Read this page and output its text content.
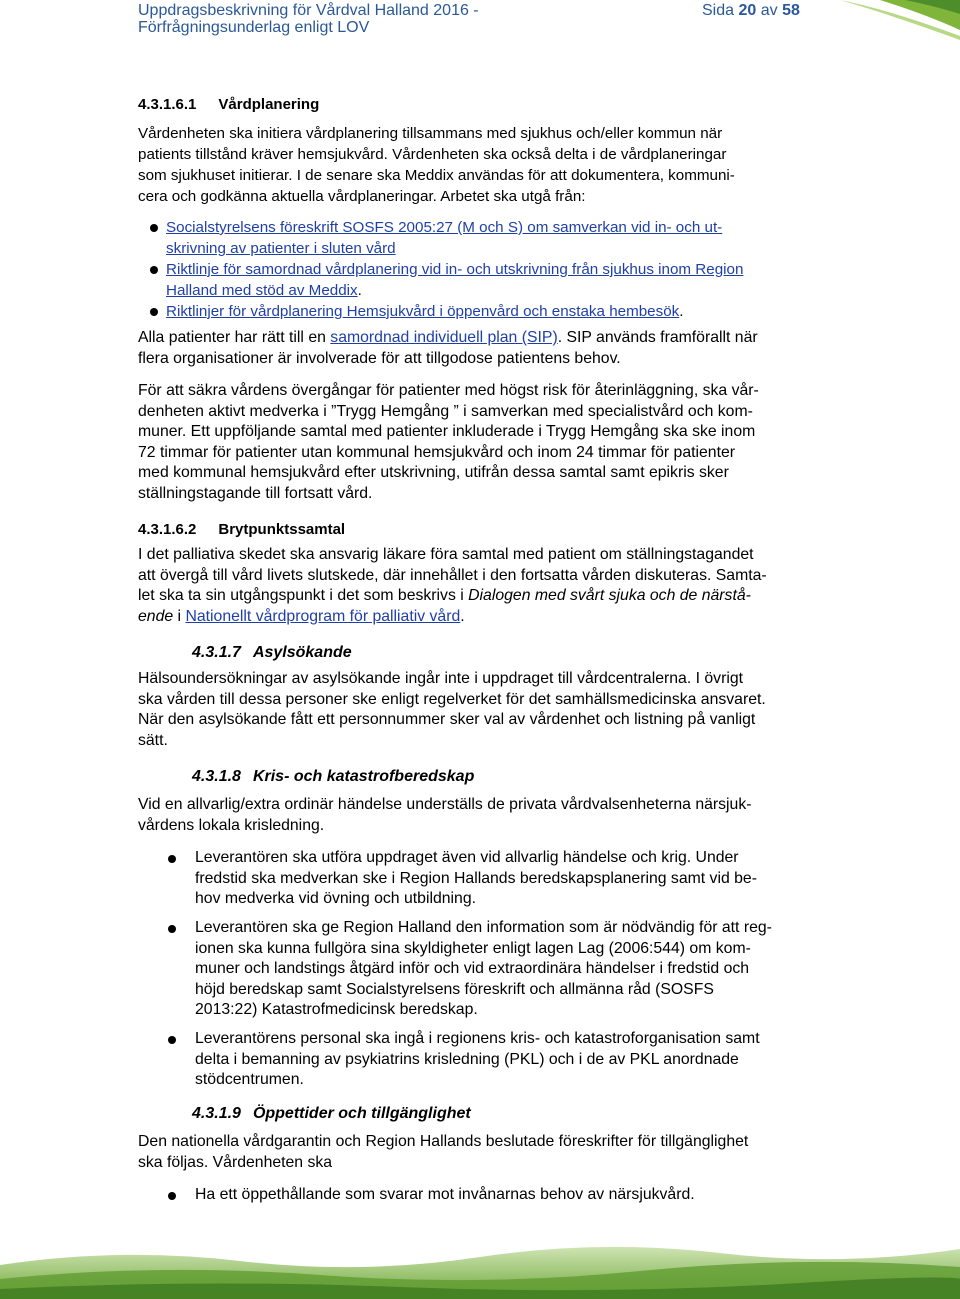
Uppdragsbeskrivning för Vårdval Halland 2016 -
Förfrågningsunderlag enligt LOV
Sida 20 av 58
4.3.1.6.1 Vårdplanering
Vårdenheten ska initiera vårdplanering tillsammans med sjukhus och/eller kommun när
patients tillstånd kräver hemsjukvård. Vårdenheten ska också delta i de vårdplaneringar
som sjukhuset initierar. I de senare ska Meddix användas för att dokumentera, kommuni-
cera och godkänna aktuella vårdplaneringar. Arbetet ska utgå från:
Socialstyrelsens föreskrift SOSFS 2005:27 (M och S) om samverkan vid in- och ut-
skrivning av patienter i sluten vård
Riktlinje för samordnad vårdplanering vid in- och utskrivning från sjukhus inom Region
Halland med stöd av Meddix.
Riktlinjer för vårdplanering Hemsjukvård i öppenvård och enstaka hembesök.
Alla patienter har rätt till en samordnad individuell plan (SIP). SIP används framförallt när
flera organisationer är involverade för att tillgodose patientens behov.
För att säkra vårdens övergångar för patienter med högst risk för återinläggning, ska vår-
denheten aktivt medverka i ”Trygg Hemgång ” i samverkan med specialistvård och kom-
muner. Ett uppföljande samtal med patienter inkluderade i Trygg Hemgång ska ske inom
72 timmar för patienter utan kommunal hemsjukvård och inom 24 timmar för patienter
med kommunal hemsjukvård efter utskrivning, utifrån dessa samtal samt epikris sker
ställningstagande till fortsatt vård.
4.3.1.6.2 Brytpunktssamtal
I det palliativa skedet ska ansvarig läkare föra samtal med patient om ställningstagandet
att övergå till vård livets slutskede, där innehållet i den fortsatta vården diskuteras. Samta-
let ska ta sin utgångspunkt i det som beskrivs i Dialogen med svårt sjuka och de närstå-
ende i Nationellt vårdprogram för palliativ vård.
4.3.1.7 Asylsökande
Hälsoundersökningar av asylsökande ingår inte i uppdraget till vårdcentralerna. I övrigt
ska vården till dessa personer ske enligt regelverket för det samhällsmedicinska ansvaret.
När den asylsökande fått ett personnummer sker val av vårdenhet och listning på vanligt
sätt.
4.3.1.8 Kris- och katastrofberedskap
Vid en allvarlig/extra ordinär händelse underställs de privata vårdvalsenheterna närsjuk-
vårdens lokala krisledning.
Leverantören ska utföra uppdraget även vid allvarlig händelse och krig. Under
fredstid ska medverkan ske i Region Hallands beredskapsplanering samt vid be-
hov medverka vid övning och utbildning.
Leverantören ska ge Region Halland den information som är nödvändig för att reg-
ionen ska kunna fullgöra sina skyldigheter enligt lagen Lag (2006:544) om kom-
muner och landstings åtgärd inför och vid extraordinära händelser i fredstid och
höjd beredskap samt Socialstyrelsens föreskrift och allmänna råd (SOSFS
2013:22) Katastrofmedicinsk beredskap.
Leverantörens personal ska ingå i regionens kris- och katastroforganisation samt
delta i bemanning av psykiatrins krisledning (PKL) och i de av PKL anordnade
stödcentrumen.
4.3.1.9 Öppettider och tillgänglighet
Den nationella vårdgarantin och Region Hallands beslutade föreskrifter för tillgänglighet
ska följas. Vårdenheten ska
Ha ett öppethållande som svarar mot invånarnas behov av närsjukvård.
